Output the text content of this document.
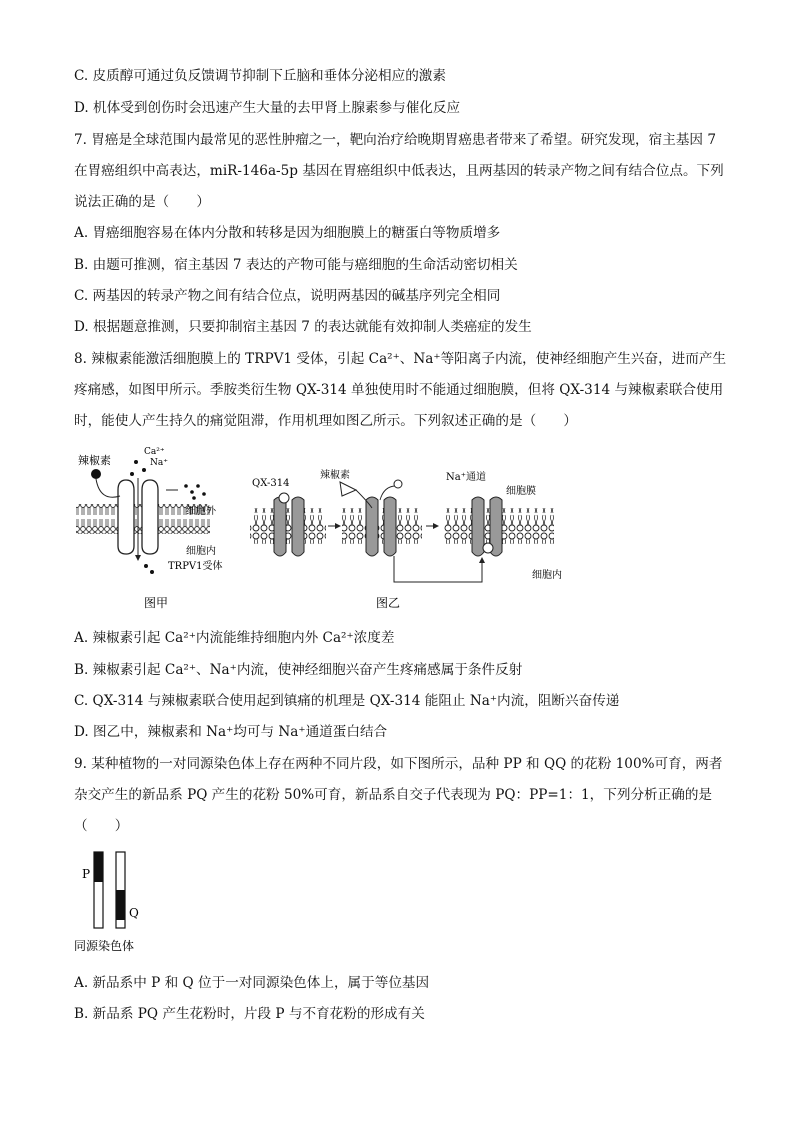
C. 皮质醇可通过负反馈调节抑制下丘脑和垂体分泌相应的激素
D. 机体受到创伤时会迅速产生大量的去甲肾上腺素参与催化反应
7. 胃癌是全球范围内最常见的恶性肿瘤之一，靶向治疗给晚期胃癌患者带来了希望。研究发现，宿主基因 7
在胃癌组织中高表达，miR-146a-5p 基因在胃癌组织中低表达，且两基因的转录产物之间有结合位点。下列
说法正确的是（　　）
A. 胃癌细胞容易在体内分散和转移是因为细胞膜上的糖蛋白等物质增多
B. 由题可推测，宿主基因 7 表达的产物可能与癌细胞的生命活动密切相关
C. 两基因的转录产物之间有结合位点，说明两基因的碱基序列完全相同
D. 根据题意推测，只要抑制宿主基因 7 的表达就能有效抑制人类癌症的发生
8. 辣椒素能激活细胞膜上的 TRPV1 受体，引起 Ca²⁺、Na⁺等阳离子内流，使神经细胞产生兴奋，进而产生
疼痛感，如图甲所示。季胺类衍生物 QX-314 单独使用时不能通过细胞膜，但将 QX-314 与辣椒素联合使用
时，能使人产生持久的痛觉阻滞，作用机理如图乙所示。下列叙述正确的是（　　）
辣椒素
Ca²⁺
Na⁺
细胞外
细胞内
TRPV1受体
图甲
QX-314
辣椒素	Na⁺通道
细胞膜
细胞内
图乙
A. 辣椒素引起 Ca²⁺内流能维持细胞内外 Ca²⁺浓度差
B. 辣椒素引起 Ca²⁺、Na⁺内流，使神经细胞兴奋产生疼痛感属于条件反射
C. QX-314 与辣椒素联合使用起到镇痛的机理是 QX-314 能阻止 Na⁺内流，阻断兴奋传递
D. 图乙中，辣椒素和 Na⁺均可与 Na⁺通道蛋白结合
9. 某种植物的一对同源染色体上存在两种不同片段，如下图所示，品种 PP 和 QQ 的花粉 100%可育，两者
杂交产生的新品系 PQ 产生的花粉 50%可育，新品系自交子代表现为 PQ：PP=1：1，下列分析正确的是
（　　）
P
Q
同源染色体
A. 新品系中 P 和 Q 位于一对同源染色体上，属于等位基因
B. 新品系 PQ 产生花粉时，片段 P 与不育花粉的形成有关
